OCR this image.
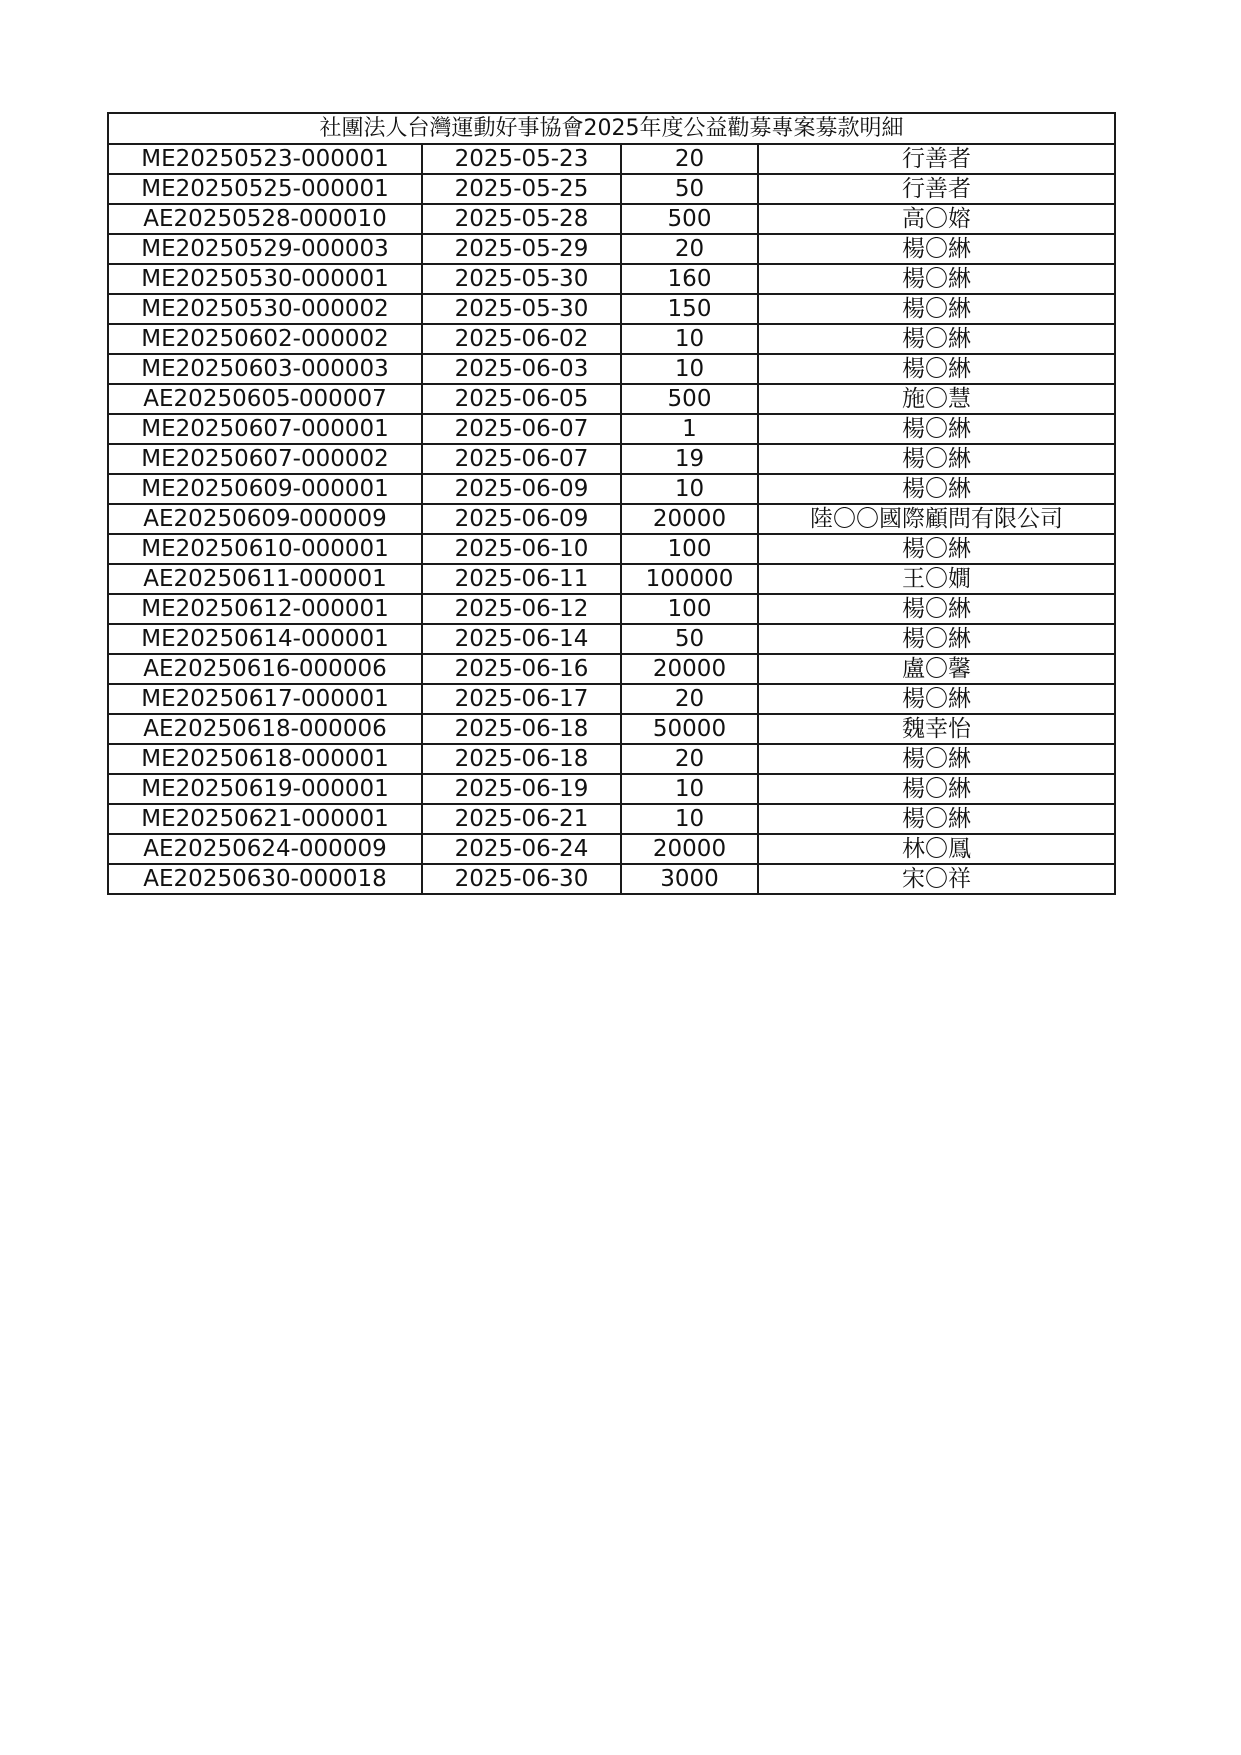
社團法人台灣運動好事協會2025年度公益勸募專案募款明細			
ME20250523-000001	2025-05-23	20	行善者
ME20250525-000001	2025-05-25	50	行善者
AE20250528-000010	2025-05-28	500	高〇嫆
ME20250529-000003	2025-05-29	20	楊〇綝
ME20250530-000001	2025-05-30	160	楊〇綝
ME20250530-000002	2025-05-30	150	楊〇綝
ME20250602-000002	2025-06-02	10	楊〇綝
ME20250603-000003	2025-06-03	10	楊〇綝
AE20250605-000007	2025-06-05	500	施〇慧
ME20250607-000001	2025-06-07	1	楊〇綝
ME20250607-000002	2025-06-07	19	楊〇綝
ME20250609-000001	2025-06-09	10	楊〇綝
AE20250609-000009	2025-06-09	20000	陸〇〇國際顧問有限公司
ME20250610-000001	2025-06-10	100	楊〇綝
AE20250611-000001	2025-06-11	100000	王〇嫺
ME20250612-000001	2025-06-12	100	楊〇綝
ME20250614-000001	2025-06-14	50	楊〇綝
AE20250616-000006	2025-06-16	20000	盧〇馨
ME20250617-000001	2025-06-17	20	楊〇綝
AE20250618-000006	2025-06-18	50000	魏幸怡
ME20250618-000001	2025-06-18	20	楊〇綝
ME20250619-000001	2025-06-19	10	楊〇綝
ME20250621-000001	2025-06-21	10	楊〇綝
AE20250624-000009	2025-06-24	20000	林〇鳳
AE20250630-000018	2025-06-30	3000	宋〇祥
